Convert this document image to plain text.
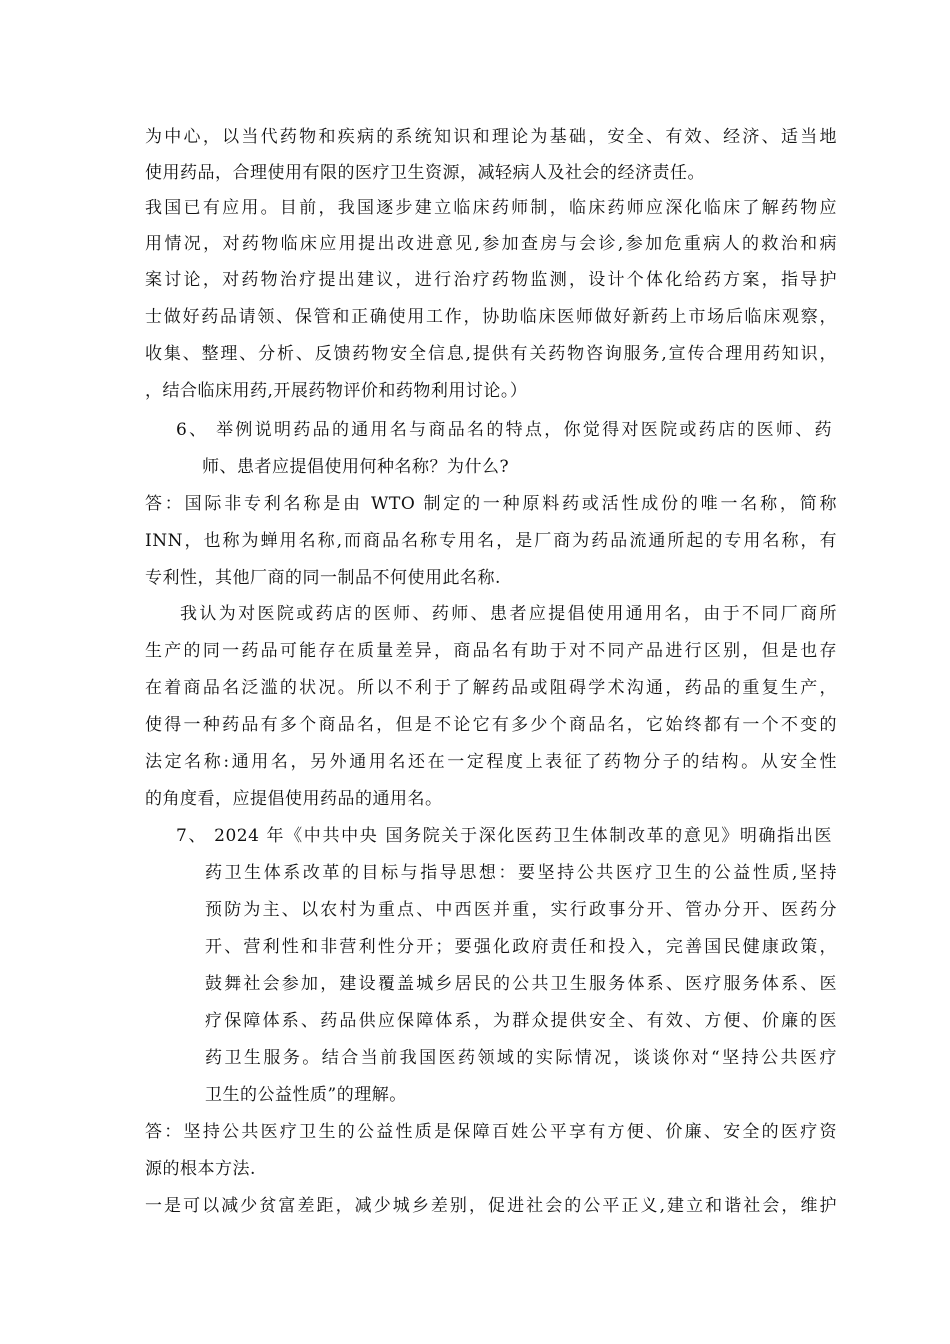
为中心，以当代药物和疾病的系统知识和理论为基础，安全、有效、经济、适当地
使用药品，合理使用有限的医疗卫生资源，减轻病人及社会的经济责任。
我国已有应用。目前，我国逐步建立临床药师制，临床药师应深化临床了解药物应
用情况，对药物临床应用提出改进意见,参加查房与会诊,参加危重病人的救治和病
案讨论，对药物治疗提出建议，进行治疗药物监测，设计个体化给药方案，指导护
士做好药品请领、保管和正确使用工作，协助临床医师做好新药上市场后临床观察，
收集、整理、分析、反馈药物安全信息,提供有关药物咨询服务,宣传合理用药知识，
，结合临床用药,开展药物评价和药物利用讨论。）
6、 举例说明药品的通用名与商品名的特点，你觉得对医院或药店的医师、药
师、患者应提倡使用何种名称？为什么?
答：国际非专利名称是由 WTO 制定的一种原料药或活性成份的唯一名称，简称
INN，也称为蝉用名称,而商品名称专用名，是厂商为药品流通所起的专用名称，有
专利性，其他厂商的同一制品不何使用此名称.
我认为对医院或药店的医师、药师、患者应提倡使用通用名，由于不同厂商所
生产的同一药品可能存在质量差异，商品名有助于对不同产品进行区别，但是也存
在着商品名泛滥的状况。所以不利于了解药品或阻碍学术沟通，药品的重复生产，
使得一种药品有多个商品名，但是不论它有多少个商品名，它始终都有一个不变的
法定名称:通用名，另外通用名还在一定程度上表征了药物分子的结构。从安全性
的角度看，应提倡使用药品的通用名。
7、 2024 年《中共中央 国务院关于深化医药卫生体制改革的意见》明确指出医
药卫生体系改革的目标与指导思想：要坚持公共医疗卫生的公益性质,坚持
预防为主、以农村为重点、中西医并重，实行政事分开、管办分开、医药分
开、营利性和非营利性分开；要强化政府责任和投入，完善国民健康政策，
鼓舞社会参加，建设覆盖城乡居民的公共卫生服务体系、医疗服务体系、医
疗保障体系、药品供应保障体系，为群众提供安全、有效、方便、价廉的医
药卫生服务。结合当前我国医药领域的实际情况，谈谈你对“坚持公共医疗
卫生的公益性质”的理解。
答：坚持公共医疗卫生的公益性质是保障百姓公平享有方便、价廉、安全的医疗资
源的根本方法.
一是可以减少贫富差距，减少城乡差别，促进社会的公平正义,建立和谐社会，维护
